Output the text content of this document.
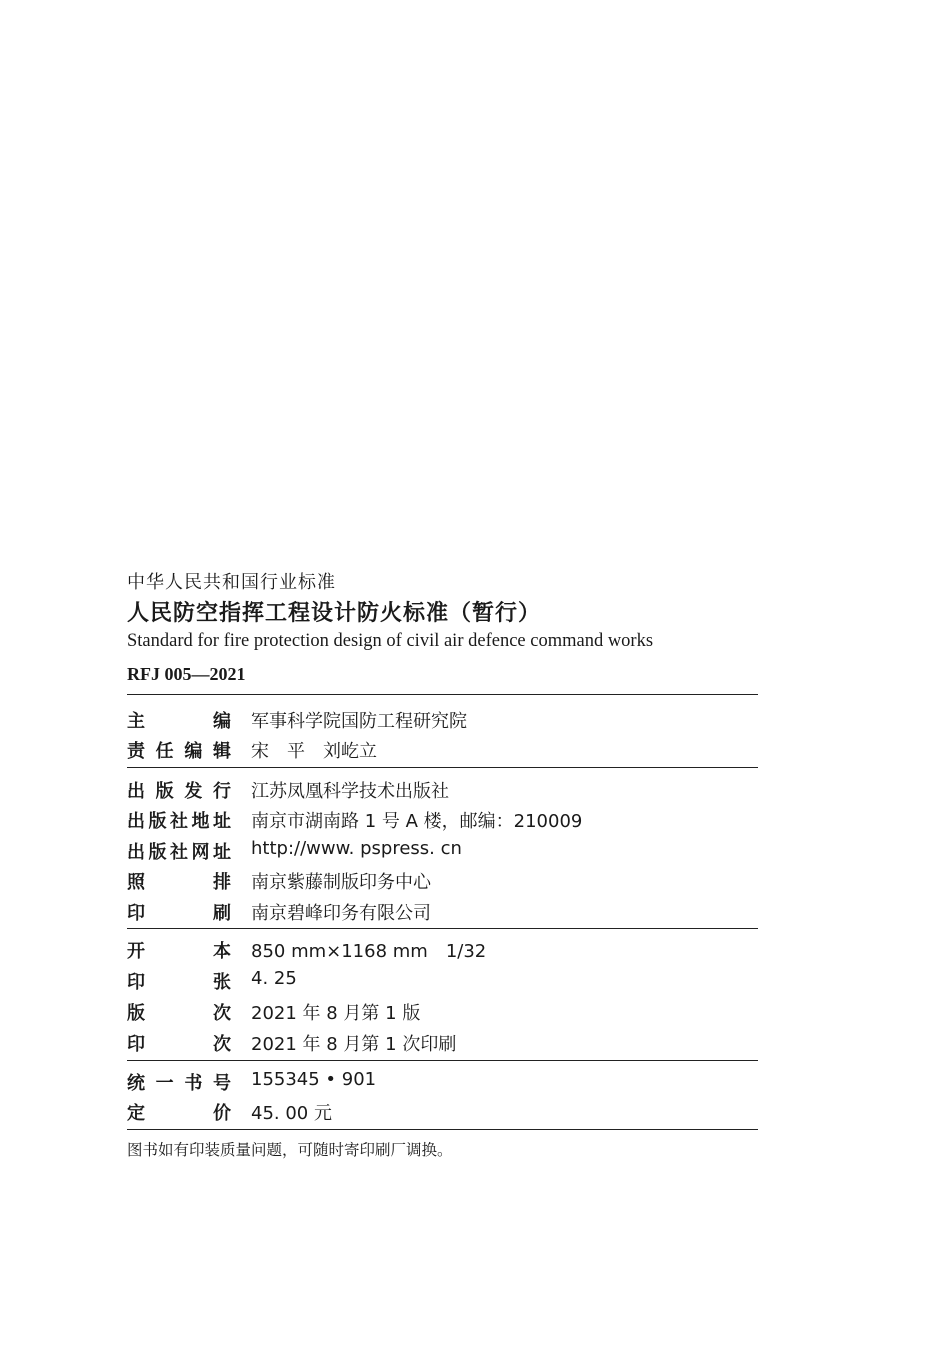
中华人民共和国行业标准
人民防空指挥工程设计防火标准（暂行）
Standard for fire protection design of civil air defence command works
RFJ 005—2021
主	编 军事科学院国防工程研究院
责 任 编 辑 宋　平　刘屹立
出 版 发 行 江苏凤凰科学技术出版社
出 版 社 地 址 南京市湖南路 1 号 A 楼，邮编：210009
出 版 社 网 址 http://www. pspress. cn
照	排 南京紫藤制版印务中心
印	刷 南京碧峰印务有限公司
开	本 850 mm×1168 mm　1/32
印	张 4. 25
版	次 2021 年 8 月第 1 版
印	次 2021 年 8 月第 1 次印刷
统 一 书 号 155345 • 901
定	价 45. 00 元
图书如有印装质量问题，可随时寄印刷厂调换。
